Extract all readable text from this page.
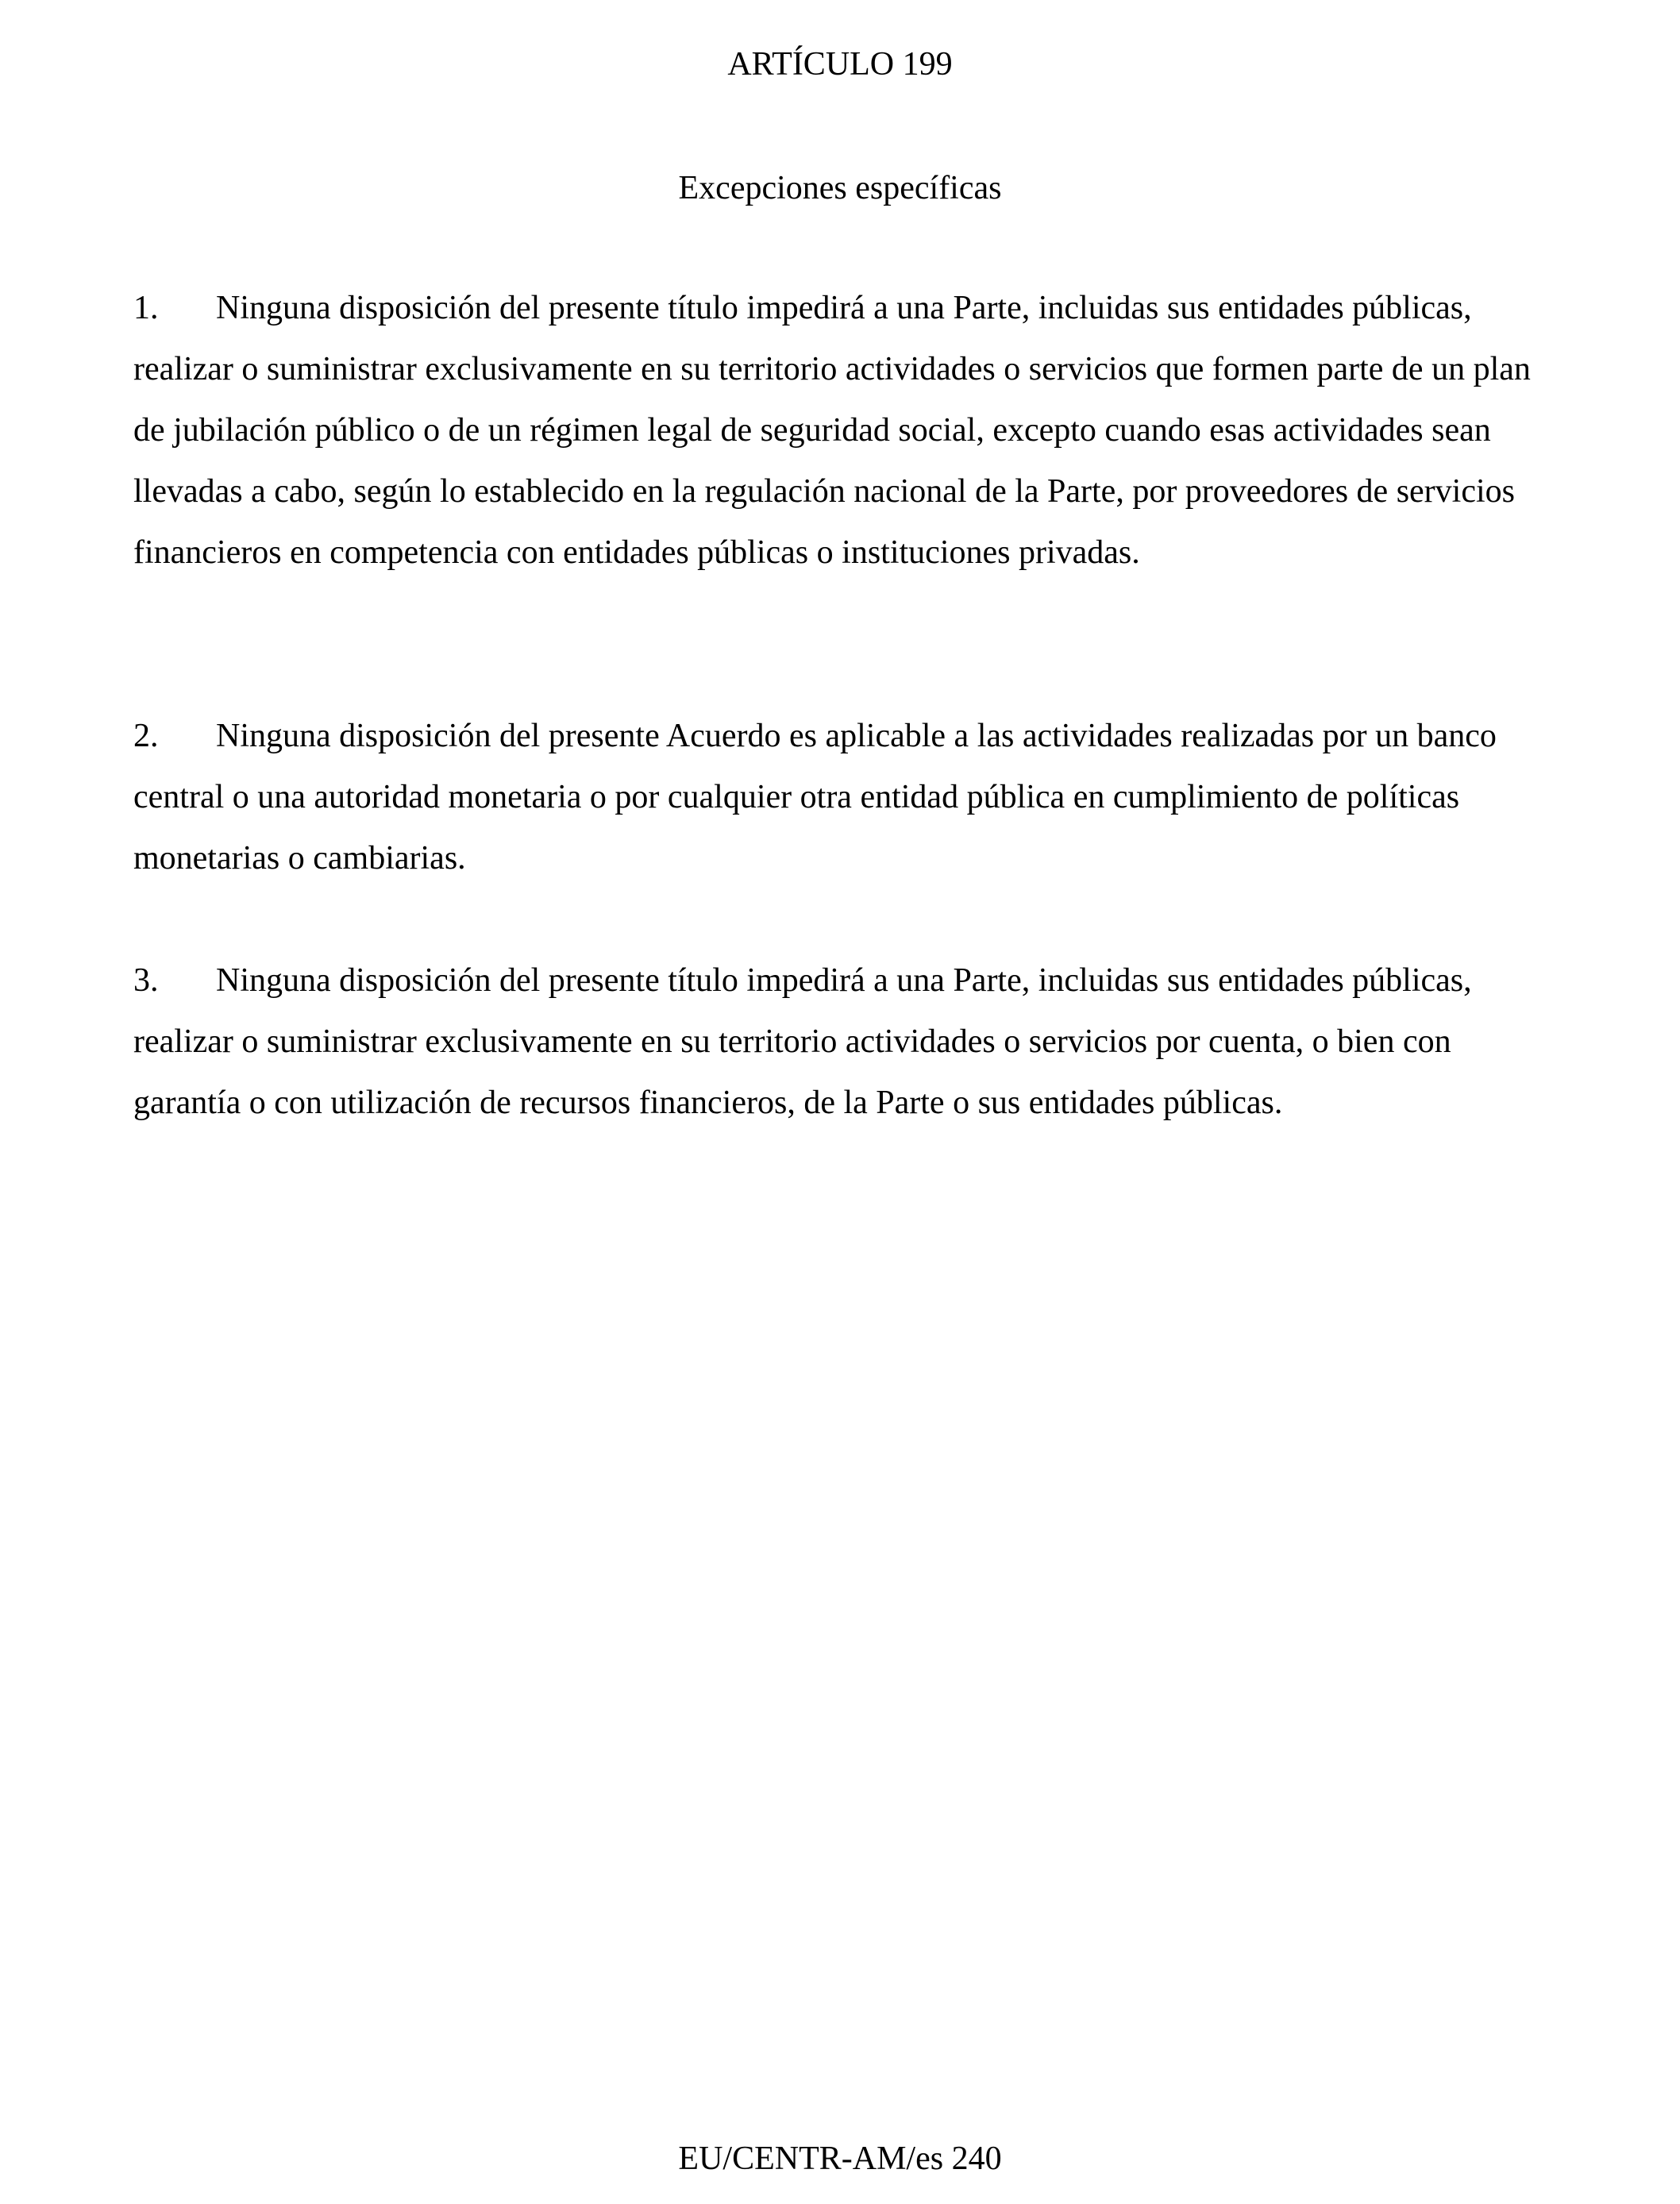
ARTÍCULO 199
Excepciones específicas

1. Ninguna disposición del presente título impedirá a una Parte, incluidas sus entidades públicas, realizar o suministrar exclusivamente en su territorio actividades o servicios que formen parte de un plan de jubilación público o de un régimen legal de seguridad social, excepto cuando esas actividades sean llevadas a cabo, según lo establecido en la regulación nacional de la Parte, por proveedores de servicios financieros en competencia con entidades públicas o instituciones privadas.

2. Ninguna disposición del presente Acuerdo es aplicable a las actividades realizadas por un banco central o una autoridad monetaria o por cualquier otra entidad pública en cumplimiento de políticas monetarias o cambiarias.

3. Ninguna disposición del presente título impedirá a una Parte, incluidas sus entidades públicas, realizar o suministrar exclusivamente en su territorio actividades o servicios por cuenta, o bien con garantía o con utilización de recursos financieros, de la Parte o sus entidades públicas.

EU/CENTR-AM/es 240
